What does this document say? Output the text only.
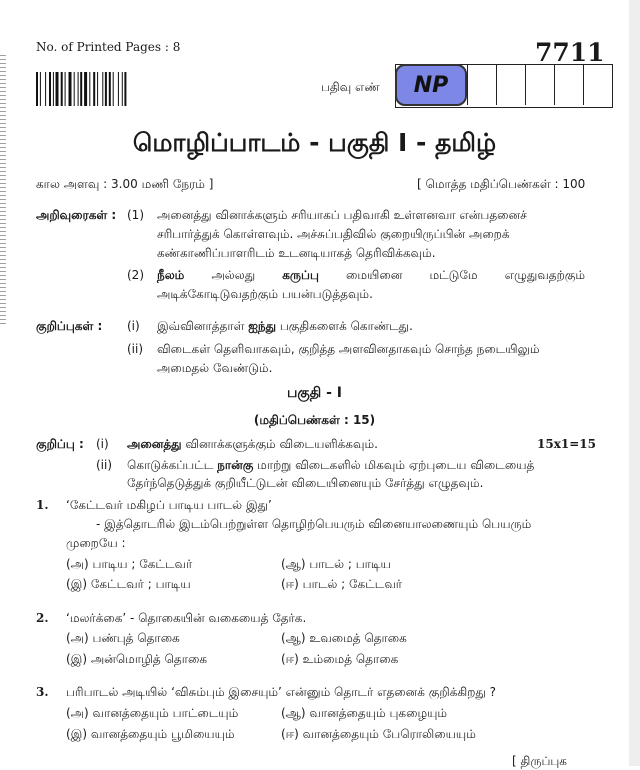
No. of Printed Pages : 8	7711
பதிவு எண்	NP
மொழிப்பாடம் - பகுதி I - தமிழ்
கால அளவு : 3.00 மணி நேரம் ]	[ மொத்த மதிப்பெண்கள் : 100
அறிவுரைகள் : (1) அனைத்து வினாக்களும் சரியாகப் பதிவாகி உள்ளனவா என்பதனைச்
சரிபார்த்துக் கொள்ளவும். அச்சுப்பதிவில் குறையிருப்பின் அறைக்
கண்காணிப்பாளரிடம் உடனடியாகத் தெரிவிக்கவும்.
(2) நீலம் அல்லது கருப்பு மையினை மட்டுமே எழுதுவதற்கும்
அடிக்கோடிடுவதற்கும் பயன்படுத்தவும்.
குறிப்புகள் : (i) இவ்வினாத்தாள் ஐந்து பகுதிகளைக் கொண்டது.
(ii) விடைகள் தெளிவாகவும், குறித்த அளவினதாகவும் சொந்த நடையிலும்
அமைதல் வேண்டும்.
பகுதி - I
(மதிப்பெண்கள் : 15)
குறிப்பு : (i) அனைத்து வினாக்களுக்கும் விடையளிக்கவும்.	15x1=15
(ii) கொடுக்கப்பட்ட நான்கு மாற்று விடைகளில் மிகவும் ஏற்புடைய விடையைத்
தேர்ந்தெடுத்துக் குறியீட்டுடன் விடையினையும் சேர்த்து எழுதவும்.
1. ‘கேட்டவர் மகிழப் பாடிய பாடல் இது’
- இத்தொடரில் இடம்பெற்றுள்ள தொழிற்பெயரும் வினையாலணையும் பெயரும்
முறையே :
(அ) பாடிய ; கேட்டவர்	(ஆ) பாடல் ; பாடிய
(இ) கேட்டவர் ; பாடிய	(ஈ) பாடல் ; கேட்டவர்
2. ‘மலர்க்கை’ - தொகையின் வகையைத் தேர்க.
(அ) பண்புத் தொகை	(ஆ) உவமைத் தொகை
(இ) அன்மொழித் தொகை	(ஈ) உம்மைத் தொகை
3. பரிபாடல் அடியில் ‘விசும்பும் இசையும்’ என்னும் தொடர் எதனைக் குறிக்கிறது ?
(அ) வானத்தையும் பாட்டையும்	(ஆ) வானத்தையும் புகழையும்
(இ) வானத்தையும் பூமியையும்	(ஈ) வானத்தையும் பேரொலியையும்
[ திருப்புக
